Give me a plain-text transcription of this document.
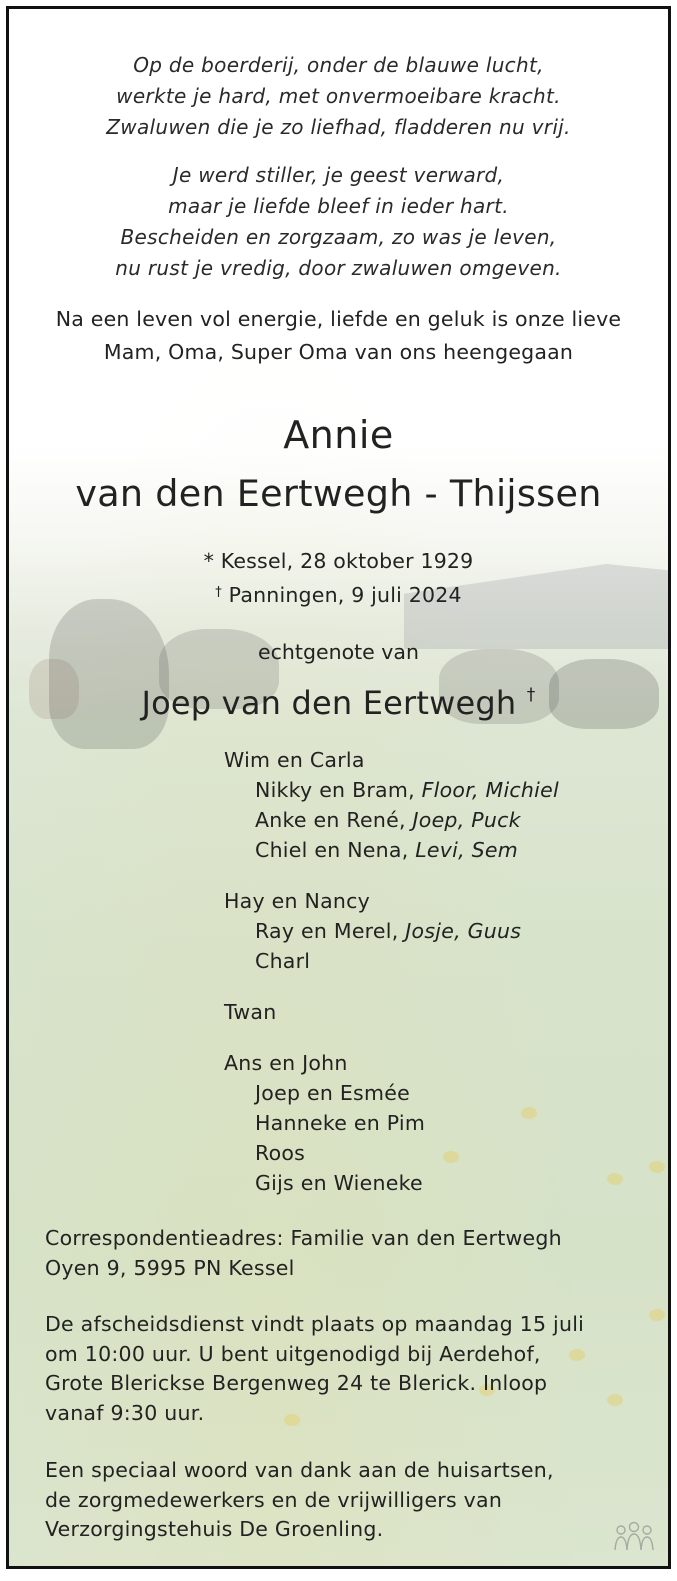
Op de boerderij, onder de blauwe lucht,
werkte je hard, met onvermoeibare kracht.
Zwaluwen die je zo liefhad, fladderen nu vrij.
Je werd stiller, je geest verward,
maar je liefde bleef in ieder hart.
Bescheiden en zorgzaam, zo was je leven,
nu rust je vredig, door zwaluwen omgeven.
Na een leven vol energie, liefde en geluk is onze lieve
Mam, Oma, Super Oma van ons heengegaan
Annie
van den Eertwegh - Thijssen
* Kessel, 28 oktober 1929
† Panningen, 9 juli 2024
echtgenote van
Joep van den Eertwegh †
Wim en Carla
Nikky en Bram, Floor, Michiel
Anke en René, Joep, Puck
Chiel en Nena, Levi, Sem
Hay en Nancy
Ray en Merel, Josje, Guus
Charl
Twan
Ans en John
Joep en Esmée
Hanneke en Pim
Roos
Gijs en Wieneke
Correspondentieadres: Familie van den Eertwegh
Oyen 9, 5995 PN Kessel
De afscheidsdienst vindt plaats op maandag 15 juli
om 10:00 uur. U bent uitgenodigd bij Aerdehof,
Grote Blerickse Bergenweg 24 te Blerick. Inloop
vanaf 9:30 uur.
Een speciaal woord van dank aan de huisartsen,
de zorgmedewerkers en de vrijwilligers van
Verzorgingstehuis De Groenling.
